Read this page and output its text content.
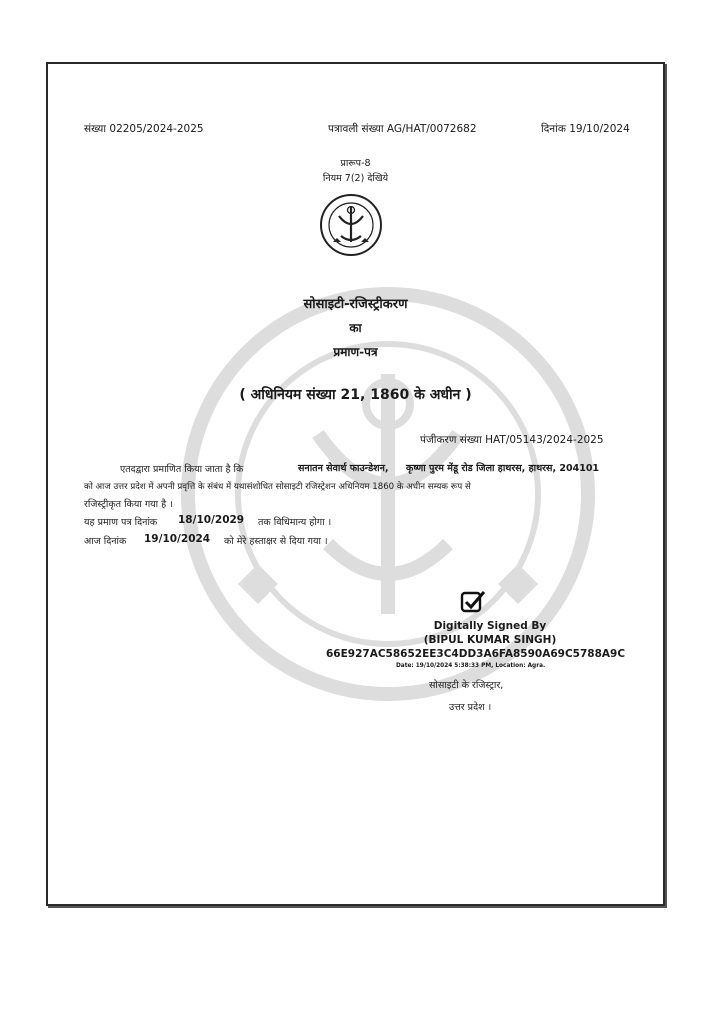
संख्या 02205/2024-2025	पत्रावली संख्या AG/HAT/0072682	दिनांक 19/10/2024
प्रारूप-8
नियम 7(2) देखिये
सोसाइटी-रजिस्ट्रीकरण
का
प्रमाण-पत्र
( अधिनियम संख्या 21, 1860 के अधीन )
पंजीकरण संख्या HAT/05143/2024-2025
एतदद्वारा प्रमाणित किया जाता है कि	सनातन सेवार्थ फाउन्डेशन, कृष्णा पुरम मेंडू रोड जिला हाथरस, हाथरस, 204101
को आज उत्तर प्रदेश में अपनी प्रवृत्ति के संबंध में यथासंशोधित सोसाइटी रजिस्ट्रेशन अधिनियम 1860 के अधीन सम्यक रूप से
रजिस्ट्रीकृत किया गया है ।
यह प्रमाण पत्र दिनांक 18/10/2029 तक विधिमान्य होगा ।
आज दिनांक 19/10/2024 को मेरे हस्ताक्षर से दिया गया ।
Digitally Signed By
(BIPUL KUMAR SINGH)
66E927AC58652EE3C4DD3A6FA8590A69C5788A9C
Date: 19/10/2024 5:38:33 PM, Location: Agra.
सोसाइटी के रजिस्ट्रार,
उत्तर प्रदेश ।
